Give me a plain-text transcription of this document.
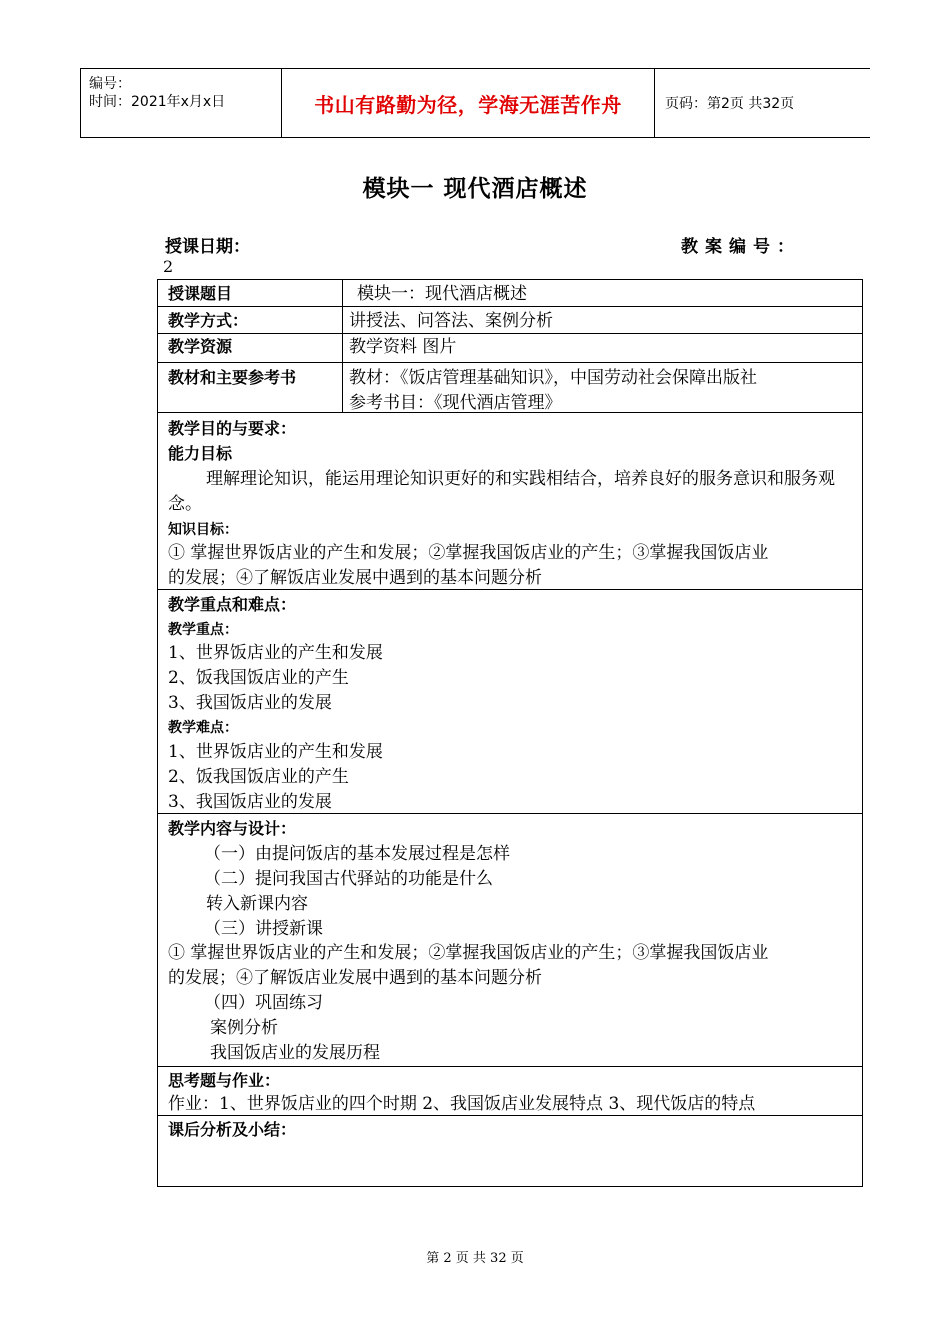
编号：
时间：2021年x月x日	书山有路勤为径，学海无涯苦作舟	页码：第2页 共32页
模块一 现代酒店概述
授课日期：	教案编号：
2
授课题目	模块一：现代酒店概述
教学方式：	讲授法、问答法、案例分析
教学资源	教学资料 图片
教材和主要参考书	教材：《饭店管理基础知识》，中国劳动社会保障出版社
参考书目：《现代酒店管理》
教学目的与要求：
能力目标
理解理论知识，能运用理论知识更好的和实践相结合，培养良好的服务意识和服务观念。
知识目标：
① 掌握世界饭店业的产生和发展；②掌握我国饭店业的产生；③掌握我国饭店业
的发展；④了解饭店业发展中遇到的基本问题分析
教学重点和难点：
教学重点：
1、世界饭店业的产生和发展
2、饭我国饭店业的产生
3、我国饭店业的发展
教学难点：
1、世界饭店业的产生和发展
2、饭我国饭店业的产生
3、我国饭店业的发展
教学内容与设计：
（一）由提问饭店的基本发展过程是怎样
（二）提问我国古代驿站的功能是什么
转入新课内容
（三）讲授新课
① 掌握世界饭店业的产生和发展；②掌握我国饭店业的产生；③掌握我国饭店业
的发展；④了解饭店业发展中遇到的基本问题分析
（四）巩固练习
案例分析
我国饭店业的发展历程
思考题与作业：
作业：1、世界饭店业的四个时期 2、我国饭店业发展特点 3、现代饭店的特点
课后分析及小结：
第 2 页 共 32 页
